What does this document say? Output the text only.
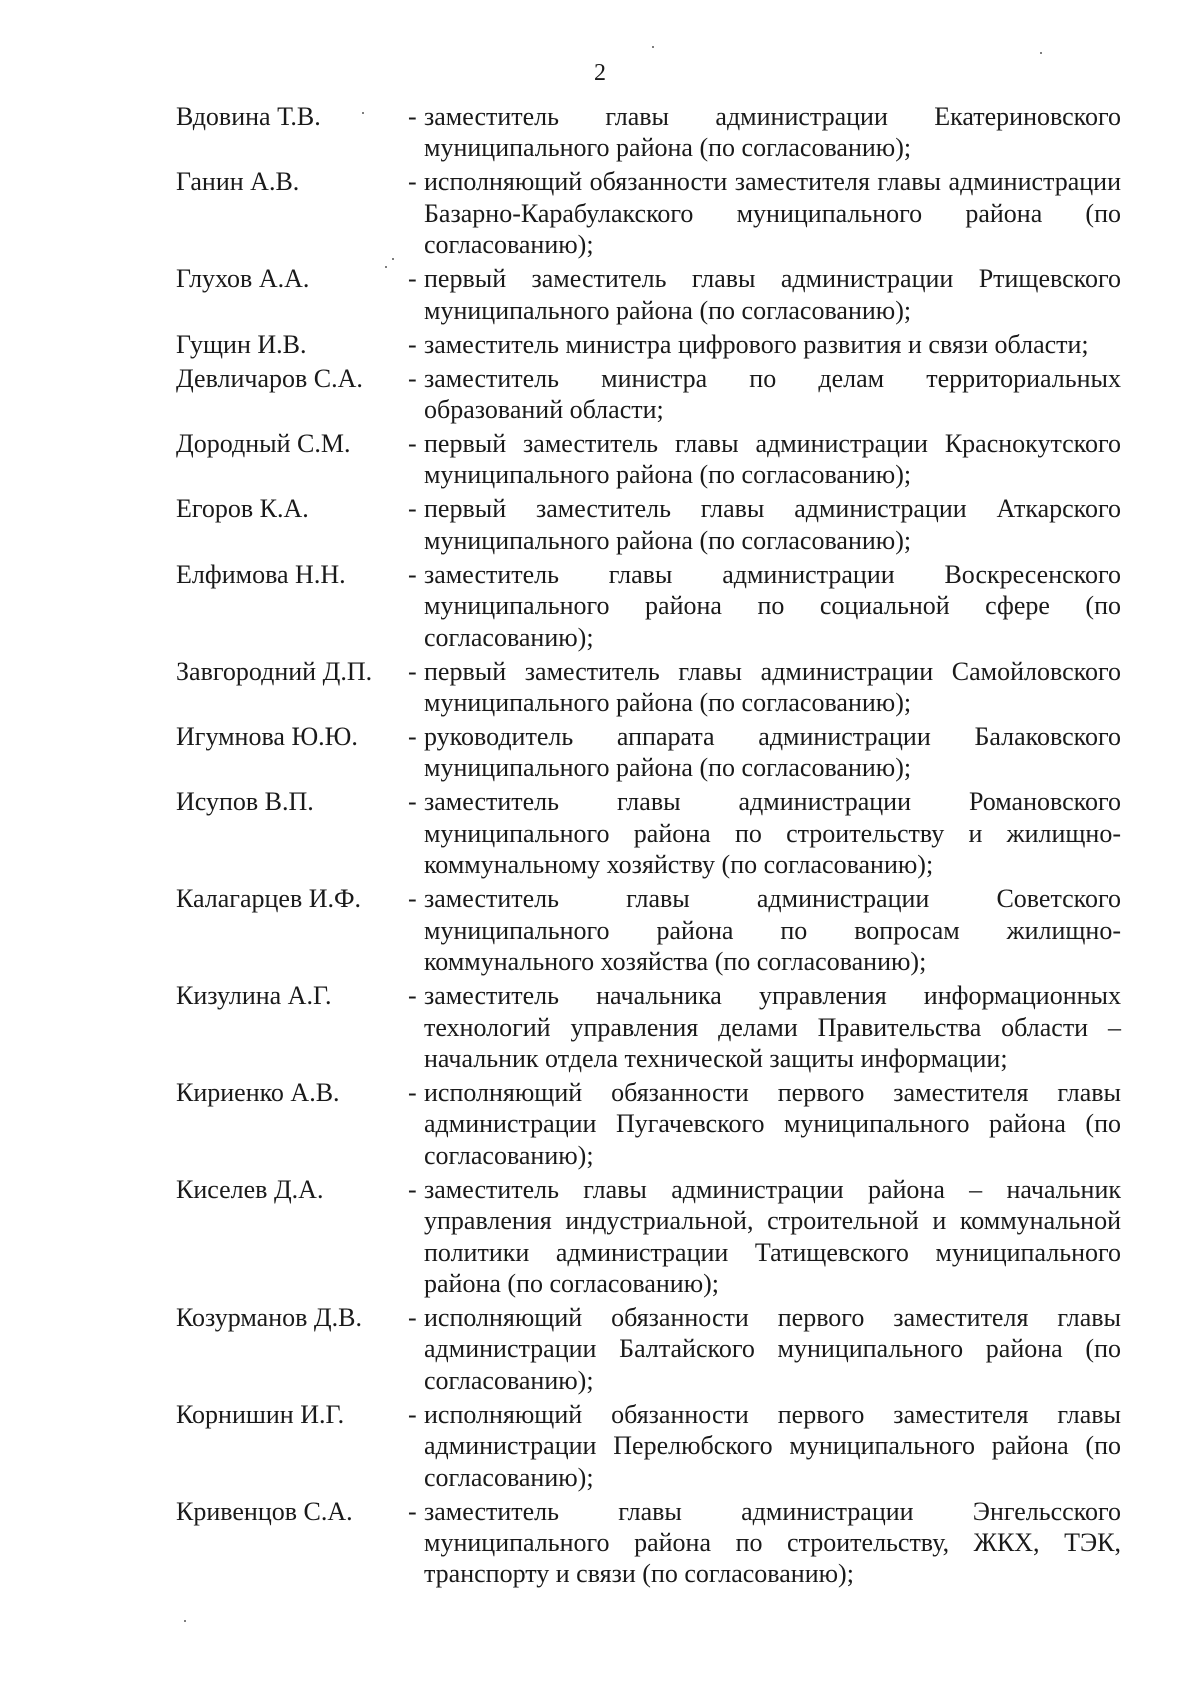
2
Вдовина Т.В.	- заместитель главы администрации Екатериновского муниципального района (по согласованию);
Ганин А.В.	- исполняющий обязанности заместителя главы администрации Базарно-Карабулакского муниципального района (по согласованию);
Глухов А.А.	- первый заместитель главы администрации Ртищевского муниципального района (по согласованию);
Гущин И.В.	- заместитель министра цифрового развития и связи области;
Девличаров С.А.	- заместитель министра по делам территориальных образований области;
Дородный С.М.	- первый заместитель главы администрации Краснокутского муниципального района (по согласованию);
Егоров К.А.	- первый заместитель главы администрации Аткарского муниципального района (по согласованию);
Елфимова Н.Н.	- заместитель главы администрации Воскресенского муниципального района по социальной сфере (по согласованию);
Завгородний Д.П.	- первый заместитель главы администрации Самойловского муниципального района (по согласованию);
Игумнова Ю.Ю.	- руководитель аппарата администрации Балаковского муниципального района (по согласованию);
Исупов В.П.	- заместитель главы администрации Романовского муниципального района по строительству и жилищно-коммунальному хозяйству (по согласованию);
Калагарцев И.Ф.	- заместитель главы администрации Советского муниципального района по вопросам жилищно-коммунального хозяйства (по согласованию);
Кизулина А.Г.	- заместитель начальника управления информационных технологий управления делами Правительства области – начальник отдела технической защиты информации;
Кириенко А.В.	- исполняющий обязанности первого заместителя главы администрации Пугачевского муниципального района (по согласованию);
Киселев Д.А.	- заместитель главы администрации района – начальник управления индустриальной, строительной и коммунальной политики администрации Татищевского муниципального района (по согласованию);
Козурманов Д.В.	- исполняющий обязанности первого заместителя главы администрации Балтайского муниципального района (по согласованию);
Корнишин И.Г.	- исполняющий обязанности первого заместителя главы администрации Перелюбского муниципального района (по согласованию);
Кривенцов С.А.	- заместитель главы администрации Энгельсского муниципального района по строительству, ЖКХ, ТЭК, транспорту и связи (по согласованию);
